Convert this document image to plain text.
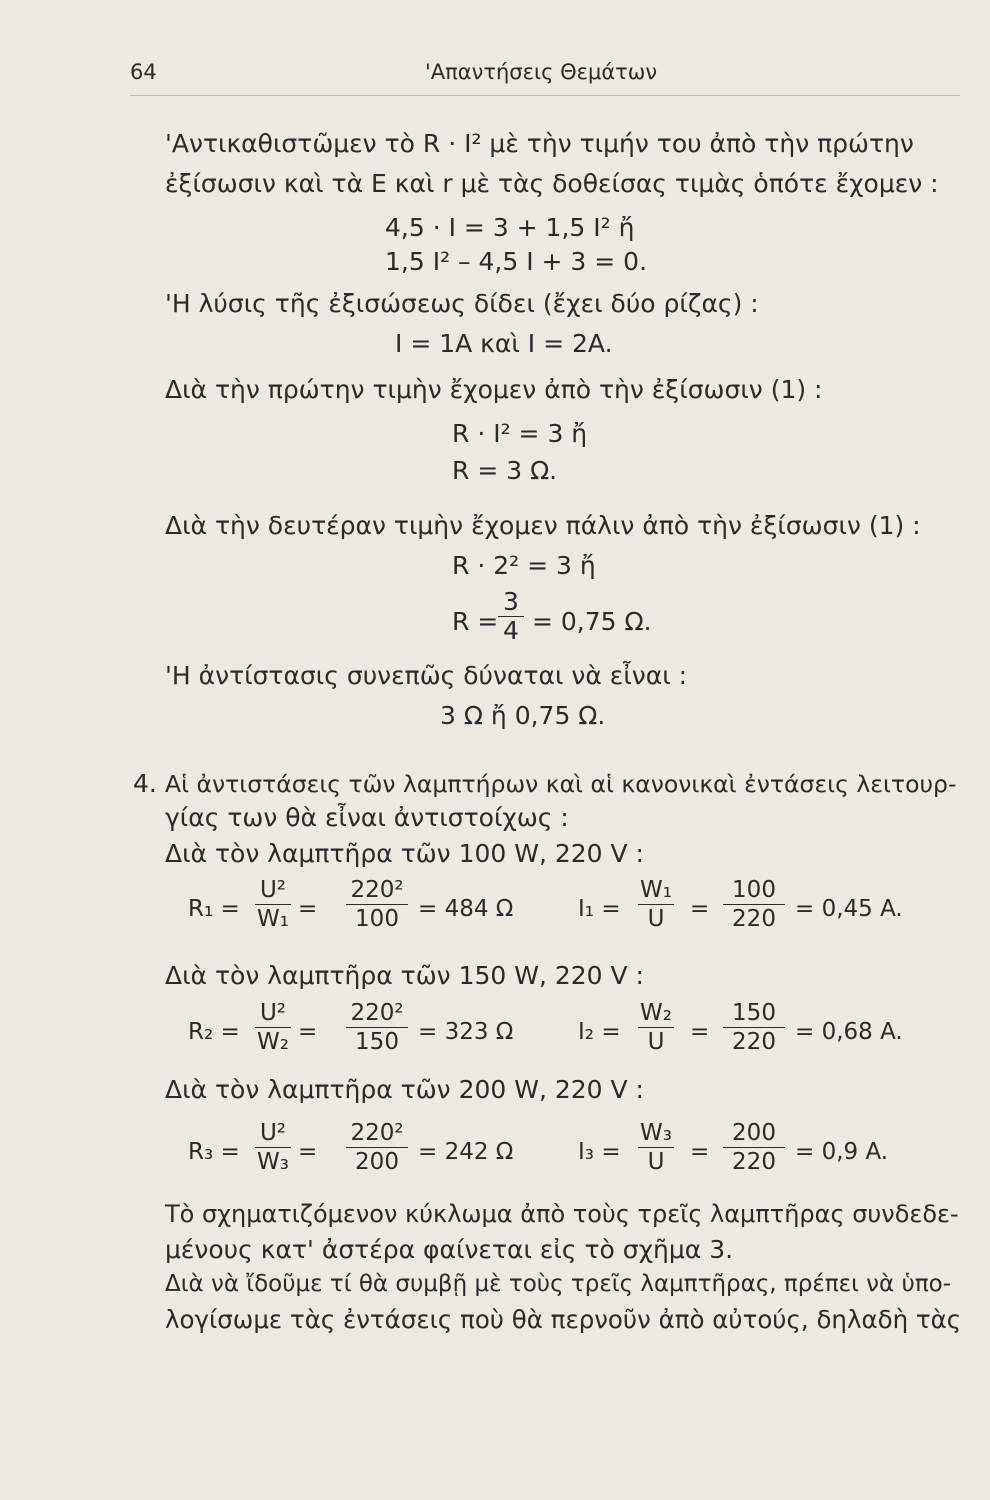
64	'Απαντήσεις Θεμάτων
'Αντικαθιστῶμεν τὸ R · I² μὲ τὴν τιμήν του ἀπὸ τὴν πρώτην
ἐξίσωσιν καὶ τὰ E καὶ r μὲ τὰς δοθείσας τιμὰς ὁπότε ἔχομεν :
4,5 · I = 3 + 1,5 I² ἤ
1,5 I² – 4,5 I + 3 = 0.
'Η λύσις τῆς ἐξισώσεως δίδει (ἔχει δύο ρίζας) :
I = 1A καὶ I = 2A.
Διὰ τὴν πρώτην τιμὴν ἔχομεν ἀπὸ τὴν ἐξίσωσιν (1) :
R · I² = 3 ἤ
R = 3 Ω.
Διὰ τὴν δευτέραν τιμὴν ἔχομεν πάλιν ἀπὸ τὴν ἐξίσωσιν (1) :
R · 2² = 3 ἤ
$R = \frac{3}{4} = 0,75$ Ω.
'Η ἀντίστασις συνεπῶς δύναται νὰ εἶναι :
3 Ω ἤ 0,75 Ω.
4. Αἱ ἀντιστάσεις τῶν λαμπτήρων καὶ αἱ κανονικαὶ ἐντάσεις λειτουρ-
γίας των θὰ εἶναι ἀντιστοίχως :
Διὰ τὸν λαμπτῆρα τῶν 100 W, 220 V :
$R_1 = \frac{\text{U²}}{\text{W₁}} = \frac{\text{220²}}{100} = 484$ Ω	$I_1 = \frac{\text{W₁}}{U} = \frac{100}{220} = 0,45$ A.
Διὰ τὸν λαμπτῆρα τῶν 150 W, 220 V :
$R_2 = \frac{\text{U²}}{\text{W₂}} = \frac{\text{220²}}{150} = 323$ Ω	$I_2 = \frac{\text{W₂}}{U} = \frac{150}{220} = 0,68$ A.
Διὰ τὸν λαμπτῆρα τῶν 200 W, 220 V :
$R_3 = \frac{\text{U²}}{\text{W₃}} = \frac{\text{220²}}{200} = 242$ Ω	$I_3 = \frac{\text{W₃}}{U} = \frac{200}{220} = 0,9$ A.
Τὸ σχηματιζόμενον κύκλωμα ἀπὸ τοὺς τρεῖς λαμπτῆρας συνδεδε-
μένους κατ' ἀστέρα φαίνεται εἰς τὸ σχῆμα 3.
Διὰ νὰ ἴδοῦμε τί θὰ συμβῇ μὲ τοὺς τρεῖς λαμπτῆρας, πρέπει νὰ ὑπο-
λογίσωμε τὰς ἐντάσεις ποὺ θὰ περνοῦν ἀπὸ αὐτούς, δηλαδὴ τὰς
